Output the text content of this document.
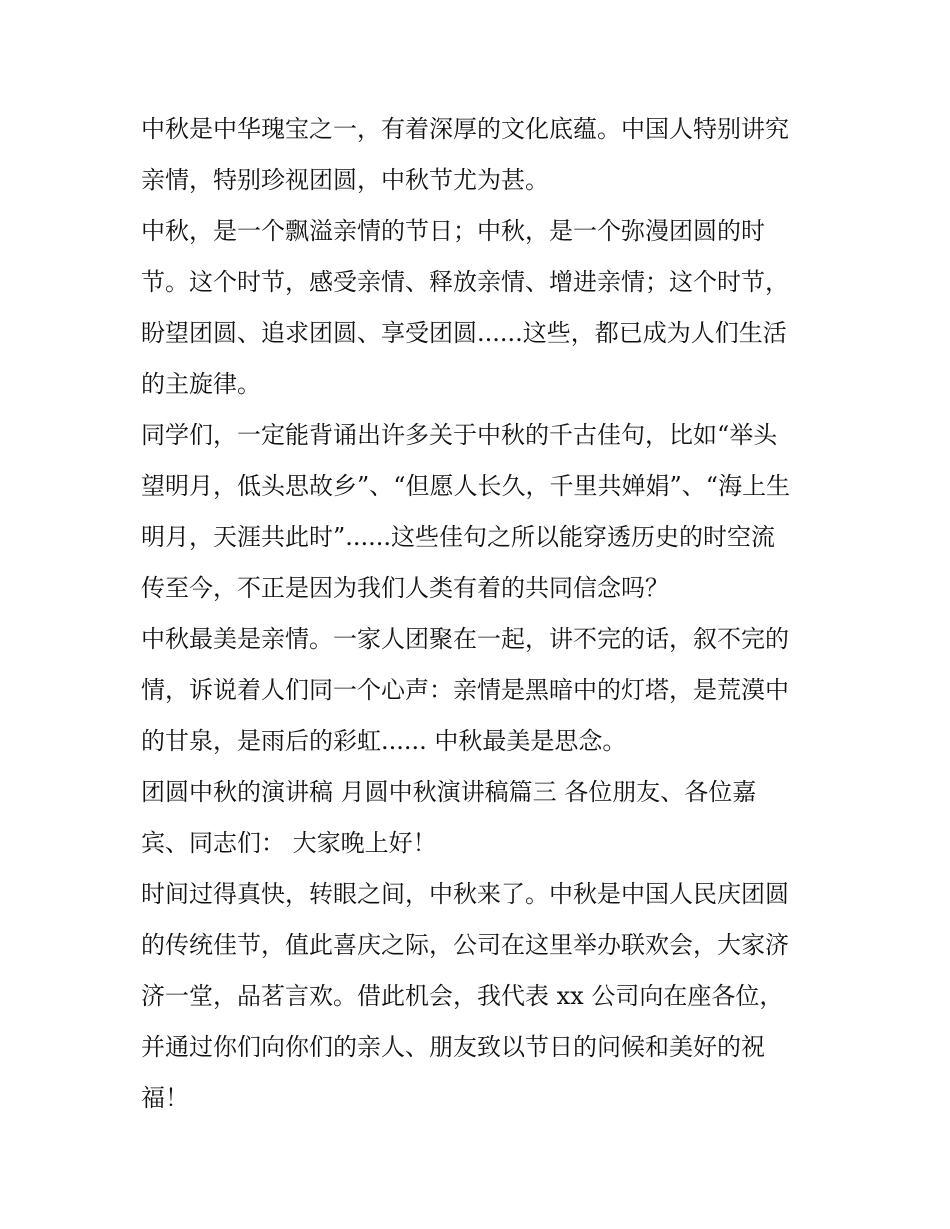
中秋是中华瑰宝之一，有着深厚的文化底蕴。中国人特别讲究
亲情，特别珍视团圆，中秋节尤为甚。
中秋，是一个飘溢亲情的节日；中秋，是一个弥漫团圆的时
节。这个时节，感受亲情、释放亲情、增进亲情；这个时节，
盼望团圆、追求团圆、享受团圆......这些，都已成为人们生活
的主旋律。
同学们，一定能背诵出许多关于中秋的千古佳句，比如“举头
望明月，低头思故乡”、“但愿人长久，千里共婵娟”、“海上生
明月，天涯共此时”......这些佳句之所以能穿透历史的时空流
传至今，不正是因为我们人类有着的共同信念吗？
中秋最美是亲情。一家人团聚在一起，讲不完的话，叙不完的
情，诉说着人们同一个心声：亲情是黑暗中的灯塔，是荒漠中
的甘泉，是雨后的彩虹...... 中秋最美是思念。
团圆中秋的演讲稿 月圆中秋演讲稿篇三 各位朋友、各位嘉
宾、同志们： 大家晚上好！
时间过得真快，转眼之间，中秋来了。中秋是中国人民庆团圆
的传统佳节，值此喜庆之际，公司在这里举办联欢会，大家济
济一堂，品茗言欢。借此机会，我代表 xx 公司向在座各位，
并通过你们向你们的亲人、朋友致以节日的问候和美好的祝
福！
